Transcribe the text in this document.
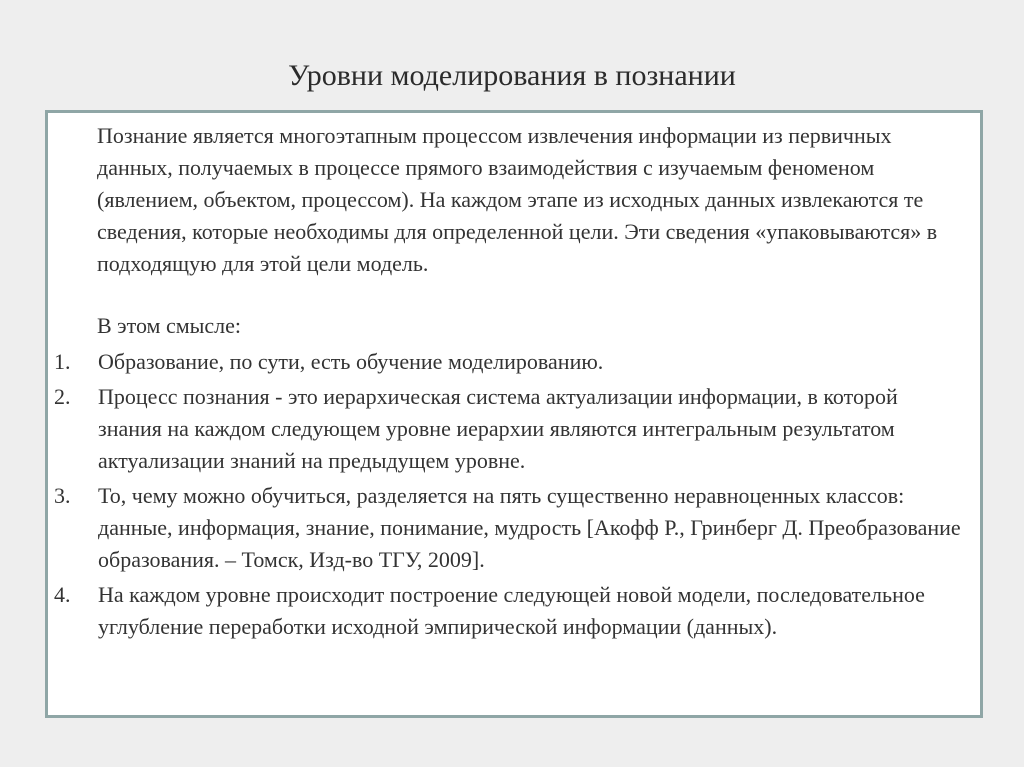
Уровни моделирования в познании

Познание является многоэтапным процессом извлечения информации из первичных данных, получаемых в процессе прямого взаимодействия с изучаемым феноменом (явлением, объектом, процессом). На каждом этапе из исходных данных извлекаются те сведения, которые необходимы для определенной цели. Эти сведения «упаковываются» в подходящую для этой цели модель.

В этом смысле:

1.	Образование, по сути, есть обучение моделированию.
2.	Процесс познания - это иерархическая система актуализации информации, в которой знания на каждом следующем уровне иерархии являются интегральным результатом актуализации знаний на предыдущем уровне.
3.	То, чему можно обучиться, разделяется на пять существенно неравноценных классов: данные, информация, знание, понимание, мудрость [Акофф Р., Гринберг Д. Преобразование образования. – Томск, Изд-во ТГУ, 2009].
4.	На каждом уровне происходит построение следующей новой модели, последовательное углубление переработки исходной эмпирической информации (данных).
